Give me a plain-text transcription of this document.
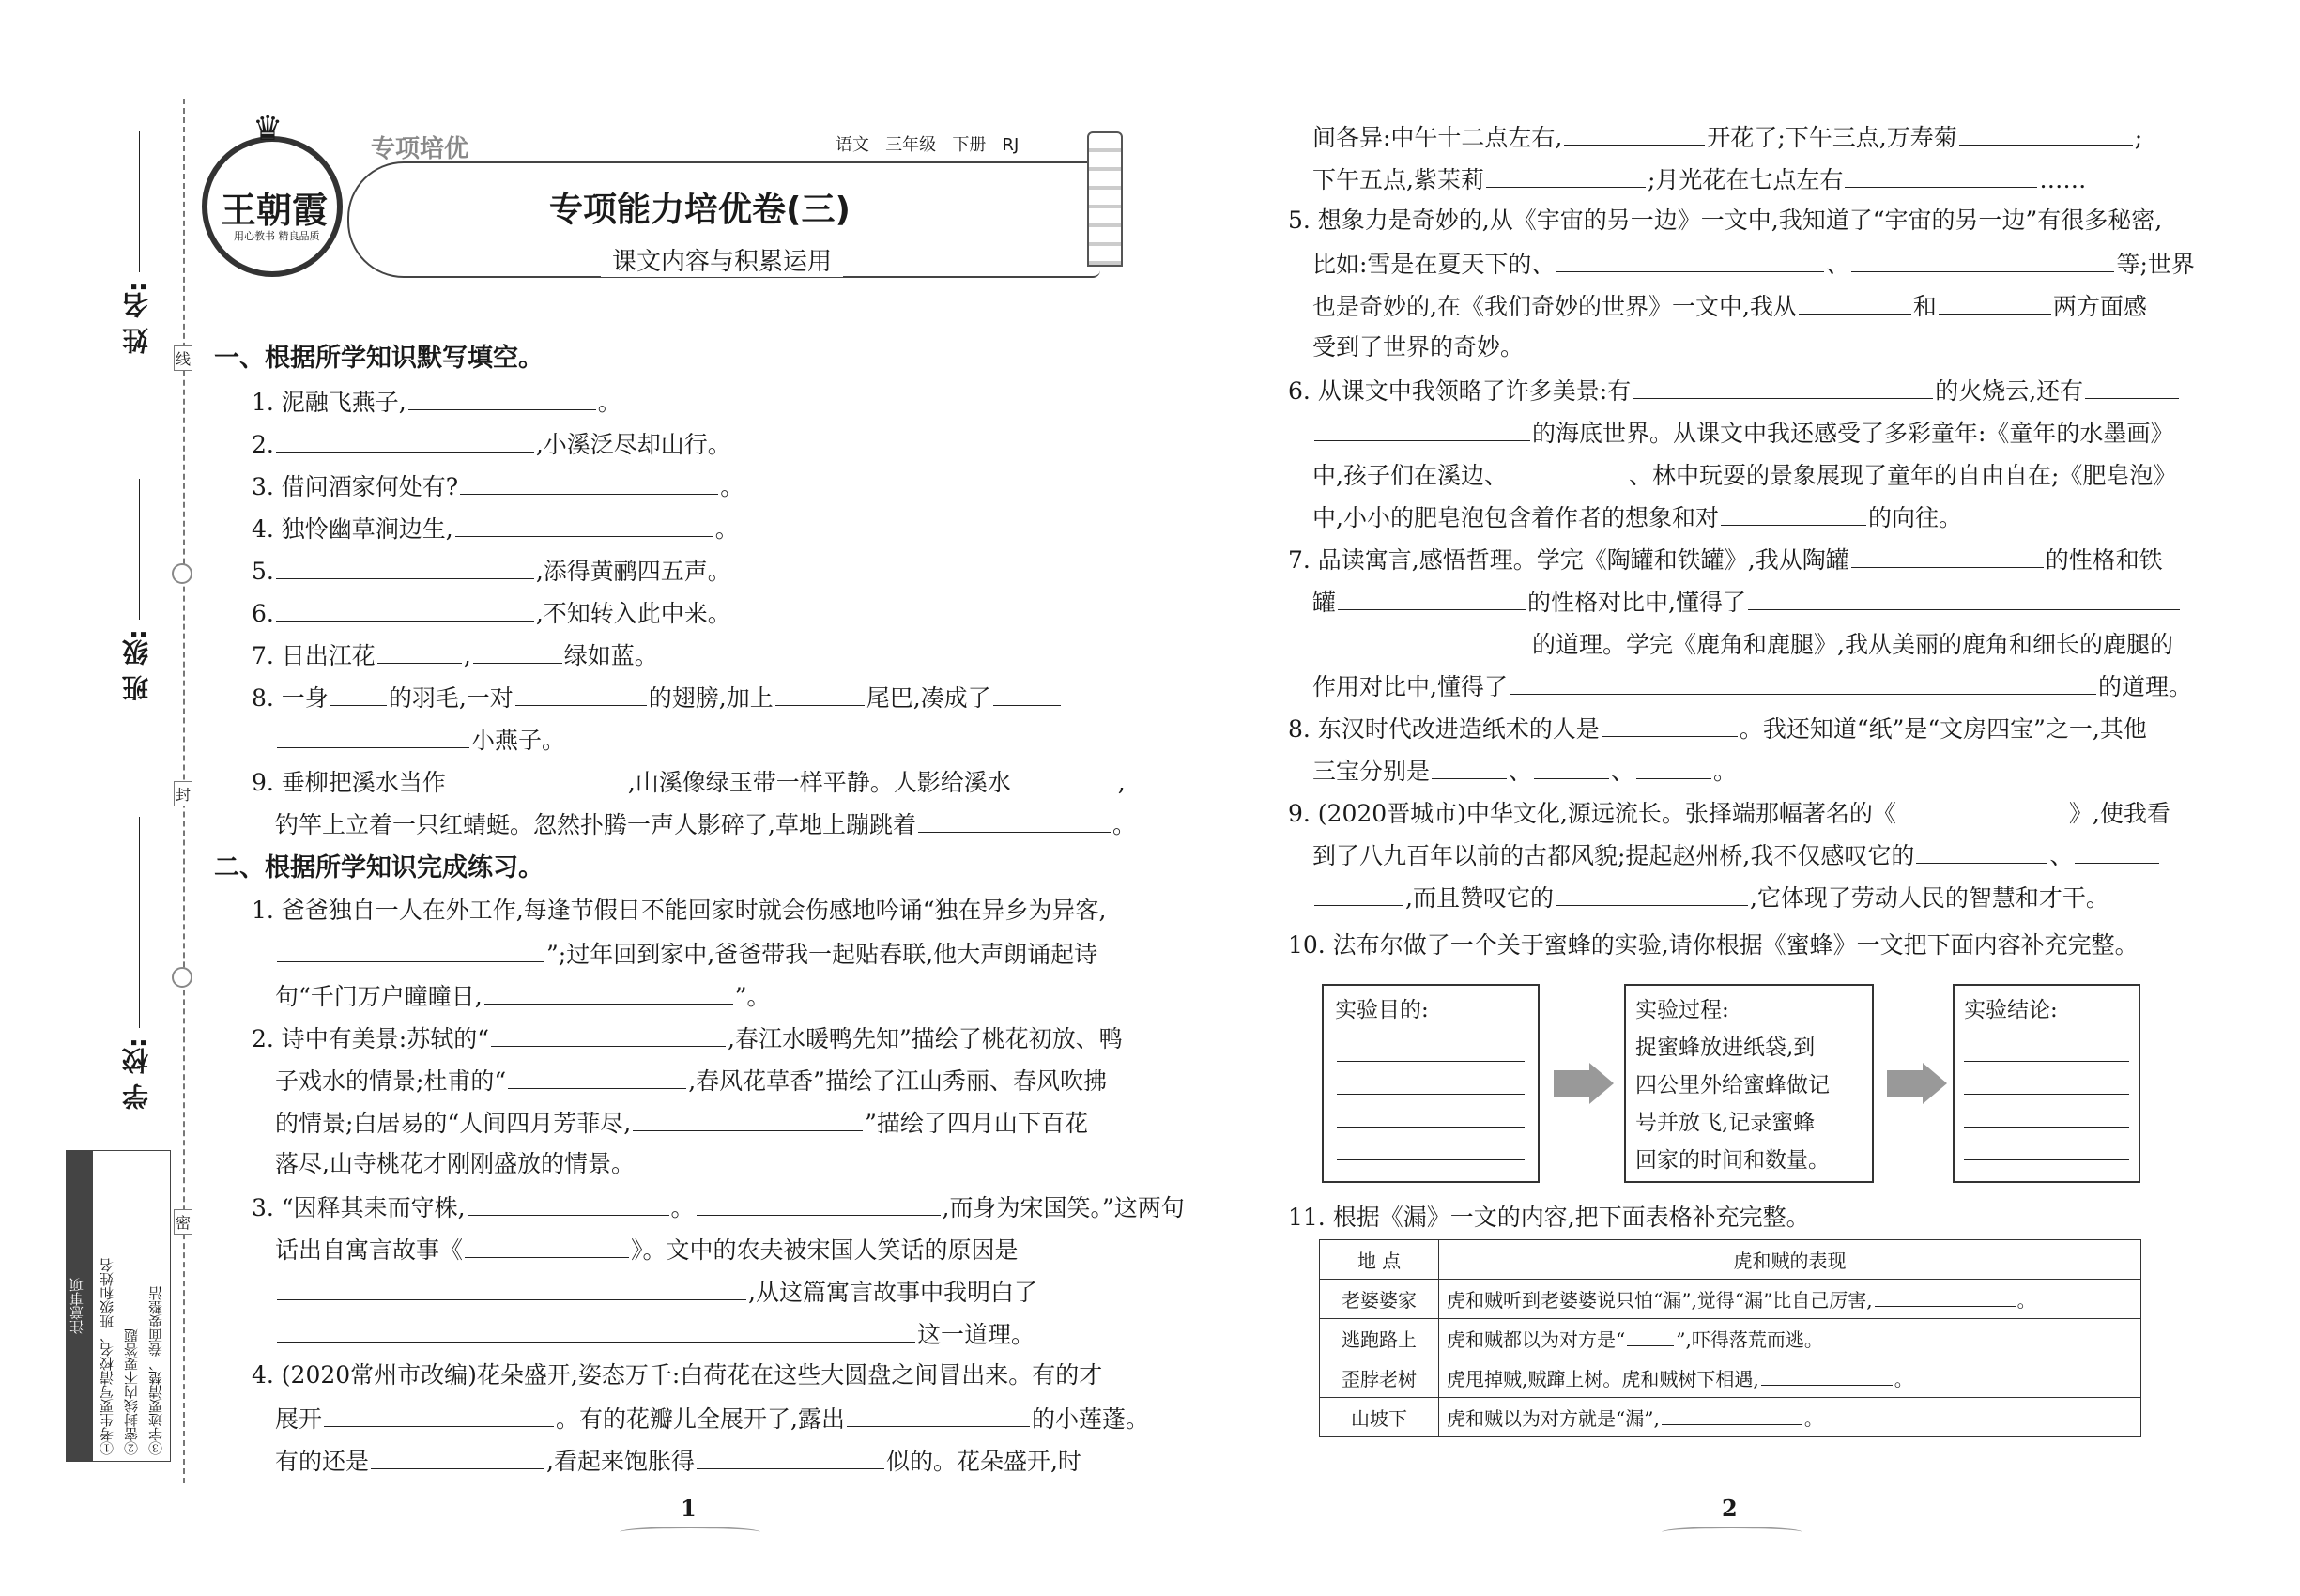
线
封
密
姓 名:
班 级:
学 校:
注意事项 ①考生要写清校名、班级和姓名 ②密封线内不要答题 ③字迹要清楚、卷面要整洁
♛
王朝霞
用心教书 精良品质
专项培优	语文   三年级   下册   RJ
专项能力培优卷(三)
课文内容与积累运用
一、根据所学知识默写填空。
1. 泥融飞燕子,	。
2.	,小溪泛尽却山行。
3. 借问酒家何处有?	。
4. 独怜幽草涧边生,	。
5.	,添得黄鹂四五声。
6.	,不知转入此中来。
7. 日出江花	,	绿如蓝。
8. 一身	的羽毛,一对	的翅膀,加上	尾巴,凑成了
小燕子。
9. 垂柳把溪水当作	,山溪像绿玉带一样平静。人影给溪水	,
钓竿上立着一只红蜻蜓。忽然扑腾一声人影碎了,草地上蹦跳着	。
二、根据所学知识完成练习。
1. 爸爸独自一人在外工作,每逢节假日不能回家时就会伤感地吟诵“独在异乡为异客,
”;过年回到家中,爸爸带我一起贴春联,他大声朗诵起诗
句“千门万户曈曈日,	”。
2. 诗中有美景:苏轼的“	,春江水暖鸭先知”描绘了桃花初放、鸭
子戏水的情景;杜甫的“	,春风花草香”描绘了江山秀丽、春风吹拂
的情景;白居易的“人间四月芳菲尽,	”描绘了四月山下百花
落尽,山寺桃花才刚刚盛放的情景。
3. “因释其耒而守株,	。	,而身为宋国笑。”这两句
话出自寓言故事《	》。文中的农夫被宋国人笑话的原因是
,从这篇寓言故事中我明白了
这一道理。
4. (2020常州市改编)花朵盛开,姿态万千:白荷花在这些大圆盘之间冒出来。有的才
展开	。有的花瓣儿全展开了,露出	的小莲蓬。
有的还是	,看起来饱胀得	似的。花朵盛开,时
1
间各异:中午十二点左右,	开花了;下午三点,万寿菊	;
下午五点,紫茉莉	;月光花在七点左右	……
5. 想象力是奇妙的,从《宇宙的另一边》一文中,我知道了“宇宙的另一边”有很多秘密,
比如:雪是在夏天下的、	、	等;世界
也是奇妙的,在《我们奇妙的世界》一文中,我从	和	两方面感
受到了世界的奇妙。
6. 从课文中我领略了许多美景:有	的火烧云,还有
的海底世界。从课文中我还感受了多彩童年:《童年的水墨画》
中,孩子们在溪边、	、林中玩耍的景象展现了童年的自由自在;《肥皂泡》
中,小小的肥皂泡包含着作者的想象和对	的向往。
7. 品读寓言,感悟哲理。学完《陶罐和铁罐》,我从陶罐	的性格和铁
罐	的性格对比中,懂得了
的道理。学完《鹿角和鹿腿》,我从美丽的鹿角和细长的鹿腿的
作用对比中,懂得了	的道理。
8. 东汉时代改进造纸术的人是	。我还知道“纸”是“文房四宝”之一,其他
三宝分别是	、	、	。
9. (2020晋城市)中华文化,源远流长。张择端那幅著名的《	》,使我看
到了八九百年以前的古都风貌;提起赵州桥,我不仅感叹它的	、
,而且赞叹它的	,它体现了劳动人民的智慧和才干。
10. 法布尔做了一个关于蜜蜂的实验,请你根据《蜜蜂》一文把下面内容补充完整。
实验目的:	实验过程:
捉蜜蜂放进纸袋,到
四公里外给蜜蜂做记
号并放飞,记录蜜蜂
回家的时间和数量。
实验结论:
11. 根据《漏》一文的内容,把下面表格补充完整。
地 点	虎和贼的表现
老婆婆家	虎和贼听到老婆婆说只怕“漏”,觉得“漏”比自己厉害, 。
逃跑路上	虎和贼都以为对方是“ ”,吓得落荒而逃。
歪脖老树	虎甩掉贼,贼蹿上树。虎和贼树下相遇, 。
山坡下	虎和贼以为对方就是“漏”, 。
2
